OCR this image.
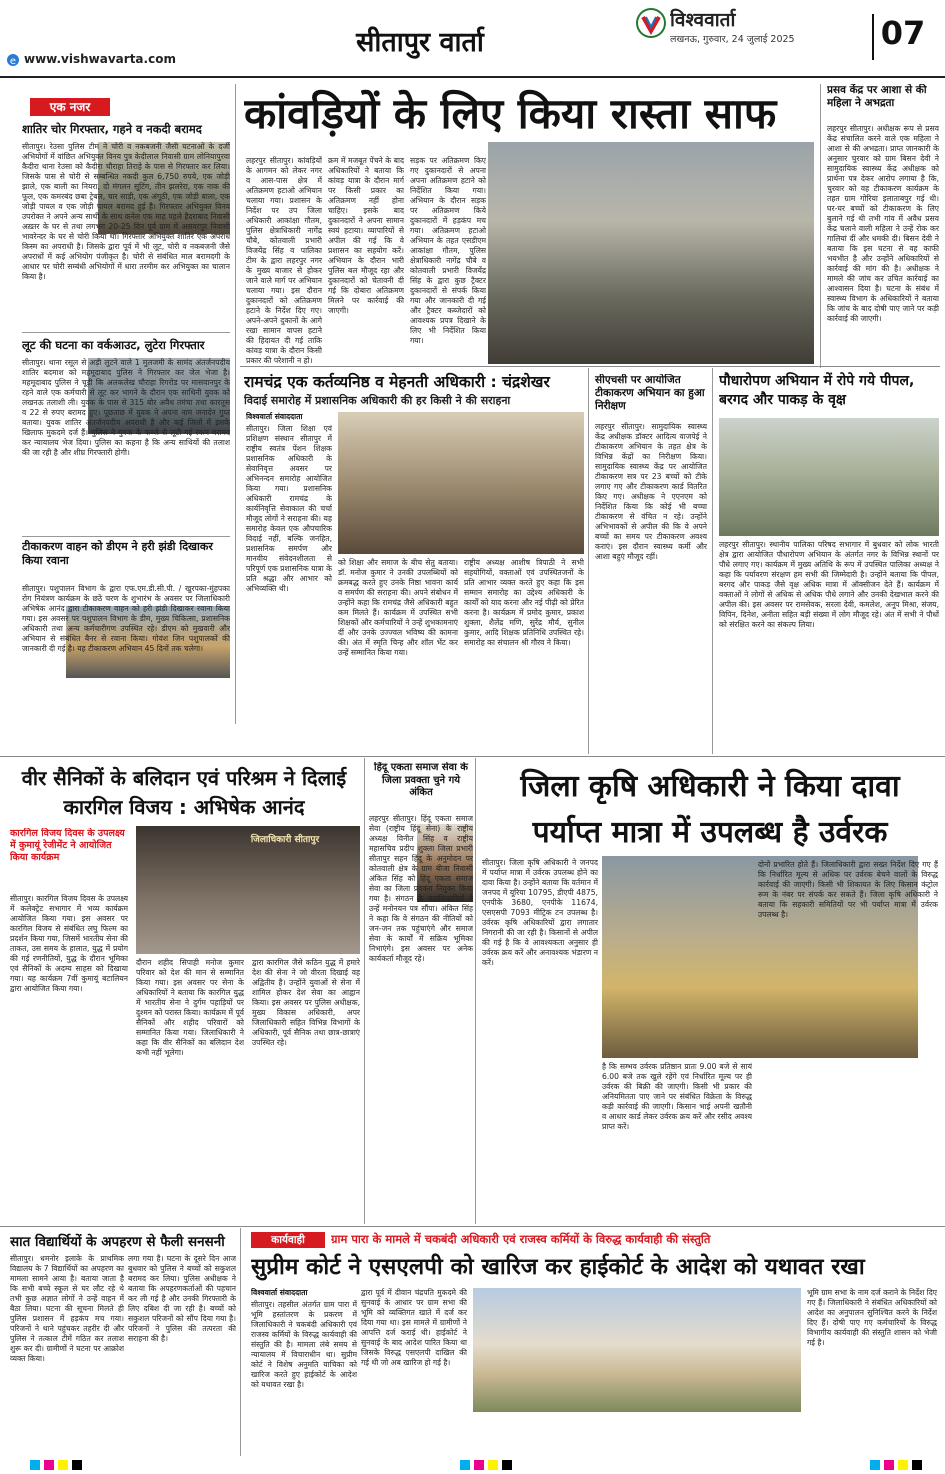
सीतापुर वार्ता
विश्ववार्ता
लखनऊ, गुरुवार, 24 जुलाई 2025	07
e www.vishwavarta.com
एक नजर
शातिर चोर गिरफ्तार, गहने व नकदी बरामद
सीतापुर। रेउसा पुलिस टीम ने चोरी व नकबजनी जैसी घटनाओं के दर्जी अभियोगों में वांछित अभियुक्त विनय पुत्र केदीलाल निवासी ग्राम लोनियापुरवा कैदीरा थाना रेउसा को कैदीरा चौराहा तिराहे के पास से गिरफ्तार कर लिया। जिसके पास से चोरी से सम्बन्धित नकदी कुल 6,750 रुपये, एक जोड़ी झाले, एक बाली का नियरा, दो मंगलन सूटिंग, तीन झलरेरा, एक नाक की फूल, एक कमरबंद छबा ट्रेबल, चार साड़ी, एक अंगूठी, एक जोड़ी बाला, एक जोड़ी पायल व एक जोड़ी पायल बरामद हुई है। गिरफ्तार अभियुक्त विनय उपरोक्त ने अपने अन्य साथी के साथ कनेल एक माह पहले हैदराबाद निवासी अख़्तर के घर से तथा लगभग 20-25 दिन पूर्व ग्राम में असवरपुर निवासी भावरेन्दर के घर से चोरी किया था। गिरफ्तार अभियुक्त शातिर एक अपराध किस्म का अपराधी है। जिसके द्वारा पूर्व में भी लूट, चोरी व नकबजनी जैसे अपराधों में कई अभियोग पंजीकृत है। चोरी से संबंधित माल बरामदगी के आधार पर चोरी सम्बंधी अभियोगों में धारा तरमीम कर अभियुक्त का चालान किया है।
लूट की घटना का वर्कआउट, लुटेरा गिरफ्तार
सीतापुर। थाना रसूल से अड़ी लुटने वाले 1 मुलजमी के सामंद अंतर्जनपदीय शातिर बदमाश को महमूदाबाद पुलिस ने गिरफ्तार कर जेल भेजा है। महमूदाबाद पुलिस ने चूड़ी कि अलकलेख चौराहा रिगरोड पर मासवानपुर के रहने वाले एक कर्मचारी से लूट कर भागने के दौरान एक साथिनी युवक को लखनऊ तलाशी ली। युवक के पास से 315 बोर अवैध तमंचा तथा कारतूस व 22 से रुपए बरामद हुए। पूछताछ में युवक ने अपना नाम जनार्दन गुप्त बताया। युवक शातिर अंतर्जनपदीय अपराधी है और कई जिलों में इसके खिलाफ मुकदमे दर्ज हैं। पुलिस ने युवक के कब्जे से लूटी गई रकम बरामद कर न्यायालय भेज दिया। पुलिस का कहना है कि अन्य साथियों की तलाश की जा रही है और शीघ्र गिरफ्तारी होगी।
टीकाकरण वाहन को डीएम ने हरी झंडी दिखाकर किया रवाना
सीतापुर। पशुपालन विभाग के द्वारा एफ.एम.डी.सी.पी. / खुरपका-मुंहपका रोग नियंत्रण कार्यक्रम के छठें चरण के शुभारंभ के अवसर पर जिलाधिकारी अभिषेक आनंद द्वारा टीकाकरण वाहन को हरी झंडी दिखाकर रवाना किया गया। इस अवसर पर पशुपालन विभाग के डीम, मुख्य चिकित्सा, प्रशासनिक अधिकारी तथा अन्य कर्मचारीगण उपस्थित रहे। डीएम को मुखवारी और अभियान से संबंधित बैनर से रवाना किया। गोवंश जिन पशुपालकों की जानकारी दी गई है। यह टीकाकरण अभियान 45 दिनों तक चलेगा।
कांवड़ियों के लिए किया रास्ता साफ
लहरपुर सीतापुर। कांवड़ियों के आगमन को लेकर नगर व आस-पास क्षेत्र में अतिक्रमण हटाओ अभियान चलाया गया। प्रशासन के निर्देश पर उप जिला अधिकारी आकांक्षा गौतम, पुलिस क्षेत्राधिकारी नागेंद्र चौबे, कोतवाली प्रभारी विजयेंद्र सिंह व पालिका टीम के द्वारा लहरपुर नगर के मुख्य बाजार से होकर जाने वाले मार्ग पर अभियान चलाया गया। इस दौरान दुकानदारों को अतिक्रमण हटाने के निर्देश दिए गए। अपने-अपने दुकानों के आगे रखा सामान वापस हटाने की हिदायत दी गई ताकि कांवड़ यात्रा के दौरान किसी प्रकार की परेशानी न हो।
क्रम में मजबूत पेंचने के बाद अधिकारियों ने बताया कि कांवड़ यात्रा के दौरान मार्ग पर किसी प्रकार का अतिक्रमण नहीं होना चाहिए। इसके बाद दुकानदारों ने अपना सामान स्वयं हटाया। व्यापारियों से अपील की गई कि वे प्रशासन का सहयोग करें। अभियान के दौरान भारी पुलिस बल मौजूद रहा और दुकानदारों को चेतावनी दी गई कि दोबारा अतिक्रमण मिलने पर कार्रवाई की जाएगी।
सड़क पर अतिक्रमण किए गए दुकानदारों से अपना अपना अतिक्रमण हटाने को निर्देशित किया गया। अभियान के दौरान सड़क पर अतिक्रमण किये दुकानदारों में हड़कंप मच गया। अतिक्रमण हटाओ अभियान के तहत एसडीएम आकांक्षा गौतम, पुलिस क्षेत्राधिकारी नागेंद्र चौबे व कोतवाली प्रभारी विजयेंद्र सिंह के द्वारा कुछ ट्रैक्टर दुकानदारों से संपर्क किया गया और जानकारी दी गई और ट्रैक्टर कब्जेदारों को आवश्यक प्रपत्र दिखाने के लिए भी निर्देशित किया गया।
प्रसव केंद्र पर आशा से की महिला ने अभद्रता
लहरपुर सीतापुर। अधीक्षक रूप से प्रसव केंद्र संचालित करने वाले एक महिला ने आशा से की अभद्रता। प्राप्त जानकारी के अनुसार चुरवार को ग्राम बिसन देवी ने सामुदायिक स्वास्थ्य केंद्र अधीक्षक को प्रार्थना पत्र देकर आरोप लगाया है कि, चुरवार को वह टीकाकरण कार्यक्रम के तहत ग्राम गोरिया इलाताबपुर गई थी। घर-घर बच्चों को टीकाकरण के लिए बुलाने गई थी तभी गांव में अवैध प्रसव केंद्र चलाने वाली महिला ने उन्हें रोक कर गालियां दीं और धमकी दी। बिसन देवी ने बताया कि इस घटना से वह काफी भयभीत है और उन्होंने अधिकारियों से कार्रवाई की मांग की है। अधीक्षक ने मामले की जांच कर उचित कार्रवाई का आश्वासन दिया है। घटना के संबंध में स्वास्थ्य विभाग के अधिकारियों ने बताया कि जांच के बाद दोषी पाए जाने पर कड़ी कार्रवाई की जाएगी।
रामचंद्र एक कर्तव्यनिष्ठ व मेहनती अधिकारी : चंद्रशेखर
विदाई समारोह में प्रशासनिक अधिकारी की हर किसी ने की सराहना
विश्ववार्ता संवाददाता
सीतापुर। जिला शिक्षा एवं प्रशिक्षण संस्थान सीतापुर में राष्ट्रीय स्वतंत्र पेंशन शिक्षक प्रशासनिक अधिकारी के सेवानिवृत्त अवसर पर अभिनन्दन समारोह आयोजित किया गया। प्रशासनिक अधिकारी रामचंद्र के कार्यनिवृत्ति सेवाकाल की चर्चा मौजूद लोगों ने सराहना की। यह समारोह केवल एक औपचारिक विदाई नहीं, बल्कि जनहित, प्रशासनिक समर्पण और मानवीय संवेदनशीलता से परिपूर्ण एक प्रशासनिक यात्रा के प्रति श्रद्धा और आभार को अभिव्यक्ति थी।
को शिक्षा और समाज के बीच सेतु बताया। डॉ. मनोज कुमार ने उनकी उपलब्धियों को क्रमबद्ध करते हुए उनके निष्ठा भावना कार्य व समर्पण की सराहना की। अपने संबोधन में उन्होंने कहा कि रामचंद्र जैसे अधिकारी बहुत कम मिलते हैं। कार्यक्रम में उपस्थित सभी शिक्षकों और कर्मचारियों ने उन्हें शुभकामनाएं दीं और उनके उज्ज्वल भविष्य की कामना की। अंत में स्मृति चिन्ह और शॉल भेंट कर उन्हें सम्मानित किया गया।
राष्ट्रीय अध्यक्ष आशीष त्रिपाठी ने सभी सहयोगियों, वक्ताओं एवं उपस्थितजनों के प्रति आभार व्यक्त करते हुए कहा कि इस सम्मान समारोह का उद्देश्य अधिकारी के कार्यों को याद करना और नई पीढ़ी को प्रेरित करना है। कार्यक्रम में प्रमोद कुमार, प्रकाश शुक्ला, शैलेंद्र मणि, सुरेंद्र मौर्य, सुनील कुमार, आदि शिक्षक प्रतिनिधि उपस्थित रहे। समारोह का संचालन श्री गौरव ने किया।
सीएचसी पर आयोजित टीकाकरण अभियान का हुआ निरीक्षण
लहरपुर सीतापुर। सामुदायिक स्वास्थ्य केंद्र अधीक्षक डॉक्टर आदित्य वाजपेई ने टीकाकरण अभियान के तहत क्षेत्र के विभिन्न केंद्रों का निरीक्षण किया। सामुदायिक स्वास्थ्य केंद्र पर आयोजित टीकाकरण सत्र पर 23 बच्चों को टीके लगाए गए और टीकाकरण कार्ड वितरित किए गए। अधीक्षक ने एएनएम को निर्देशित किया कि कोई भी बच्चा टीकाकरण से वंचित न रहे। उन्होंने अभिभावकों से अपील की कि वे अपने बच्चों का समय पर टीकाकरण अवश्य कराएं। इस दौरान स्वास्थ्य कर्मी और आशा बहुएं मौजूद रहीं।
पौधारोपण अभियान में रोपे गये पीपल, बरगद और पाकड़ के वृक्ष
लहरपुर सीतापुर। स्थानीय पालिका परिषद सभागार में बुधवार को लोक भारती क्षेत्र द्वारा आयोजित पौधारोपण अभियान के अंतर्गत नगर के विभिन्न स्थानों पर पौधे लगाए गए। कार्यक्रम में मुख्य अतिथि के रूप में उपस्थित पालिका अध्यक्ष ने कहा कि पर्यावरण संरक्षण हम सभी की जिम्मेदारी है। उन्होंने बताया कि पीपल, बरगद और पाकड़ जैसे वृक्ष अधिक मात्रा में ऑक्सीजन देते हैं। कार्यक्रम में वक्ताओं ने लोगों से अधिक से अधिक पौधे लगाने और उनकी देखभाल करने की अपील की। इस अवसर पर रामसेवक, सरला देवी, कमलेश, अनूप मिश्रा, संजय, विपिन, दिनेश, अनीता सहित बड़ी संख्या में लोग मौजूद रहे। अंत में सभी ने पौधों को संरक्षित करने का संकल्प लिया।
वीर सैनिकों के बलिदान एवं परिश्रम ने दिलाई कारगिल विजय : अभिषेक आनंद
कारगिल विजय दिवस के उपलक्ष्य में कुमायूं रेजीमेंट ने आयोजित किया कार्यक्रम
जिलाधिकारी सीतापुर
सीतापुर। कारगिल विजय दिवस के उपलक्ष्य में कलेक्ट्रेट सभागार में भव्य कार्यक्रम आयोजित किया गया। इस अवसर पर कारगिल विजय से संबंधित लघु फिल्म का प्रदर्शन किया गया, जिसमें भारतीय सेना की ताकत, उस समय के हालात, युद्ध में प्रयोग की गई रणनीतियों, युद्ध के दौरान भूमिका एवं सैनिकों के अदम्य साहस को दिखाया गया। यह कार्यक्रम 7वीं कुमायूं बटालियन द्वारा आयोजित किया गया।
दौरान शहीद सिपाही मनोज कुमार परिवार को देश की मान से सम्मानित किया गया। इस अवसर पर सेना के अधिकारियों ने बताया कि कारगिल युद्ध में भारतीय सेना ने दुर्गम पहाड़ियों पर दुश्मन को परास्त किया। कार्यक्रम में पूर्व सैनिकों और शहीद परिवारों को सम्मानित किया गया। जिलाधिकारी ने कहा कि वीर सैनिकों का बलिदान देश कभी नहीं भूलेगा।
द्वारा कारगिल जैसे कठिन युद्ध में हमारे देश की सेना ने जो वीरता दिखाई वह अद्वितीय है। उन्होंने युवाओं से सेना में शामिल होकर देश सेवा का आह्वान किया। इस अवसर पर पुलिस अधीक्षक, मुख्य विकास अधिकारी, अपर जिलाधिकारी सहित विभिन्न विभागों के अधिकारी, पूर्व सैनिक तथा छात्र-छात्राएं उपस्थित रहे।
हिंदू एकता समाज सेवा के जिला प्रवक्ता चुने गये अंकित
लहरपुर सीतापुर। हिंदू एकता समाज सेवा (राष्ट्रीय हिंदू सेना) के राष्ट्रीय अध्यक्ष विनीत सिंह व राष्ट्रीय महासचिव प्रदीप शुक्ला जिला प्रभारी सीतापुर सहन हिंदू के अनुमोदन पर कोतवाली क्षेत्र के ग्राम बीजा निवासी अंकित सिंह को हिंदू एकता समाज सेवा का जिला प्रवक्ता नियुक्त किया गया है। संगठन के पदाधिकारियों ने उन्हें मनोनयन पत्र सौंपा। अंकित सिंह ने कहा कि वे संगठन की नीतियों को जन-जन तक पहुंचाएंगे और समाज सेवा के कार्यों में सक्रिय भूमिका निभाएंगे। इस अवसर पर अनेक कार्यकर्ता मौजूद रहे।
जिला कृषि अधिकारी ने किया दावा
पर्याप्त मात्रा में उपलब्ध है उर्वरक
सीतापुर। जिला कृषि अधिकारी ने जनपद में पर्याप्त मात्रा में उर्वरक उपलब्ध होने का दावा किया है। उन्होंने बताया कि वर्तमान में जनपद में यूरिया 10795, डीएपी 4875, एनपीके 3680, एनपीके 11674, एसएसपी 7093 मीट्रिक टन उपलब्ध है। उर्वरक कृषि अधिकारियों द्वारा लगातार निगरानी की जा रही है। किसानों से अपील की गई है कि वे आवश्यकता अनुसार ही उर्वरक क्रय करें और अनावश्यक भंडारण न करें।
है कि सम्भव उर्वरक प्रतिष्ठान प्रातः 9.00 बजे से सायं 6.00 बजे तक खुले रहेंगे एवं निर्धारित मूल्य पर ही उर्वरक की बिक्री की जाएगी। किसी भी प्रकार की अनियमितता पाए जाने पर संबंधित विक्रेता के विरुद्ध कड़ी कार्रवाई की जाएगी। किसान भाई अपनी खतौनी व आधार कार्ड लेकर उर्वरक क्रय करें और रसीद अवश्य प्राप्त करें।
दोनों प्रभारित होते हैं। जिलाधिकारी द्वारा सख्त निर्देश दिए गए हैं कि निर्धारित मूल्य से अधिक पर उर्वरक बेचने वालों के विरुद्ध कार्रवाई की जाएगी। किसी भी शिकायत के लिए किसान कंट्रोल रूम के नंबर पर संपर्क कर सकते हैं। जिला कृषि अधिकारी ने बताया कि सहकारी समितियों पर भी पर्याप्त मात्रा में उर्वरक उपलब्ध है।
सात विद्यार्थियों के अपहरण से फैली सनसनी
सीतापुर। धमनोर इलाके के प्राथमिक विद्यालय के 7 विद्यार्थियों का अपहरण का मामला सामने आया है। बताया जाता है कि सभी बच्चे स्कूल से घर लौट रहे थे तभी कुछ अज्ञात लोगों ने उन्हें वाहन में बैठा लिया। घटना की सूचना मिलते ही पुलिस प्रशासन में हड़कंप मच गया। परिजनों ने थाने पहुंचकर तहरीर दी और पुलिस ने तत्काल टीमें गठित कर तलाश शुरू कर दी। ग्रामीणों ने घटना पर आक्रोश व्यक्त किया।
लगा गया है। घटना के दूसरे दिन आज बुधवार को पुलिस ने बच्चों को सकुशल बरामद कर लिया। पुलिस अधीक्षक ने बताया कि अपहरणकर्ताओं की पहचान कर ली गई है और उनकी गिरफ्तारी के लिए दबिश दी जा रही है। बच्चों को सकुशल परिजनों को सौंप दिया गया है। परिजनों ने पुलिस की तत्परता की सराहना की है।
कार्यवाही	ग्राम पारा के मामले में चकबंदी अधिकारी एवं राजस्व कर्मियों के विरुद्ध कार्यवाही की संस्तुति
सुप्रीम कोर्ट ने एसएलपी को खारिज कर हाईकोर्ट के आदेश को यथावत रखा
विश्ववार्ता संवाददाता
सीतापुर। तहसील अंतर्गत ग्राम पारा में भूमि हस्तांतरण के प्रकरण में जिलाधिकारी ने चकबंदी अधिकारी एवं राजस्व कर्मियों के विरुद्ध कार्यवाही की संस्तुति की है। मामला लंबे समय से न्यायालय में विचाराधीन था। सुप्रीम कोर्ट ने विशेष अनुमति याचिका को खारिज करते हुए हाईकोर्ट के आदेश को यथावत रखा है।
द्वारा पूर्व में दीवान चंद्रपति मुकदमे की सुनवाई के आधार पर ग्राम सभा की भूमि को व्यक्तिगत खाते में दर्ज कर दिया गया था। इस मामले में ग्रामीणों ने आपत्ति दर्ज कराई थी। हाईकोर्ट ने सुनवाई के बाद आदेश पारित किया था जिसके विरुद्ध एसएलपी दाखिल की गई थी जो अब खारिज हो गई है।
भूमि ग्राम सभा के नाम दर्ज कराने के निर्देश दिए गए हैं। जिलाधिकारी ने संबंधित अधिकारियों को आदेश का अनुपालन सुनिश्चित करने के निर्देश दिए हैं। दोषी पाए गए कर्मचारियों के विरुद्ध विभागीय कार्यवाही की संस्तुति शासन को भेजी गई है।
